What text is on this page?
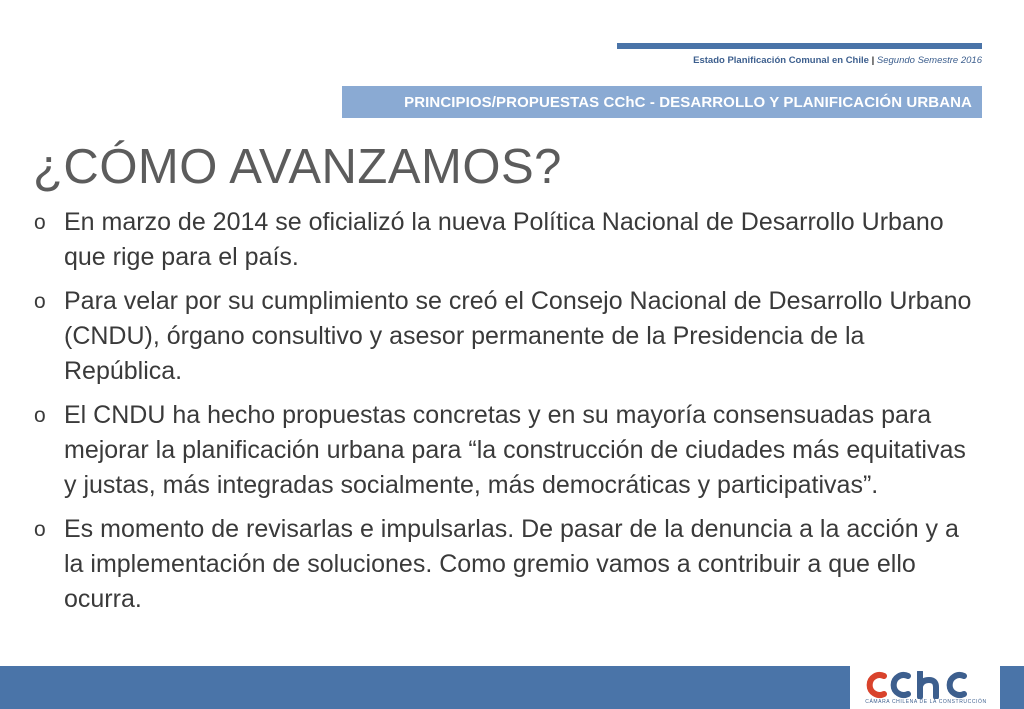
Estado Planificación Comunal en Chile | Segundo Semestre 2016
PRINCIPIOS/PROPUESTAS CChC - DESARROLLO Y PLANIFICACIÓN URBANA
¿CÓMO AVANZAMOS?
o En marzo de 2014 se oficializó la nueva Política Nacional de Desarrollo Urbano que rige para el país.
o Para velar por su cumplimiento se creó el Consejo Nacional de Desarrollo Urbano (CNDU), órgano consultivo y asesor permanente de la Presidencia de la República.
o El CNDU ha hecho propuestas concretas y en su mayoría consensuadas para mejorar la planificación urbana para “la construcción de ciudades más equitativas y justas, más integradas socialmente, más democráticas y participativas”.
o Es momento de revisarlas e impulsarlas. De pasar de la denuncia a la acción y a la implementación de soluciones. Como gremio vamos a contribuir a que ello ocurra.
CÁMARA CHILENA DE LA CONSTRUCCIÓN
